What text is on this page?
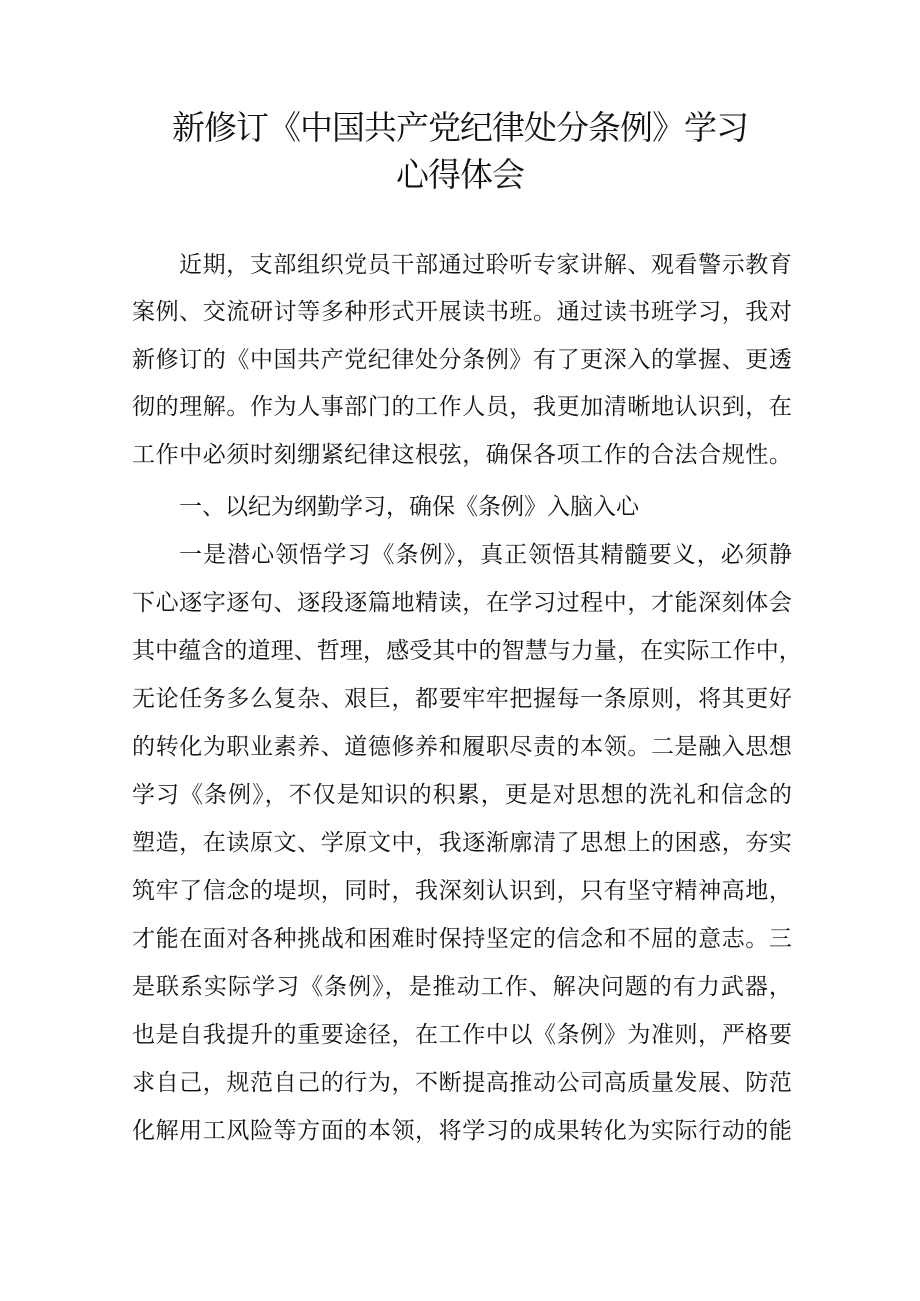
新修订《中国共产党纪律处分条例》学习
心得体会
近期，支部组织党员干部通过聆听专家讲解、观看警示教育
案例、交流研讨等多种形式开展读书班。通过读书班学习，我对
新修订的《中国共产党纪律处分条例》有了更深入的掌握、更透
彻的理解。作为人事部门的工作人员，我更加清晰地认识到，在
工作中必须时刻绷紧纪律这根弦，确保各项工作的合法合规性。
一、以纪为纲勤学习，确保《条例》入脑入心
一是潜心领悟学习《条例》，真正领悟其精髓要义，必须静
下心逐字逐句、逐段逐篇地精读，在学习过程中，才能深刻体会
其中蕴含的道理、哲理，感受其中的智慧与力量，在实际工作中，
无论任务多么复杂、艰巨，都要牢牢把握每一条原则，将其更好
的转化为职业素养、道德修养和履职尽责的本领。二是融入思想
学习《条例》，不仅是知识的积累，更是对思想的洗礼和信念的
塑造，在读原文、学原文中，我逐渐廓清了思想上的困惑，夯实
筑牢了信念的堤坝，同时，我深刻认识到，只有坚守精神高地，
才能在面对各种挑战和困难时保持坚定的信念和不屈的意志。三
是联系实际学习《条例》，是推动工作、解决问题的有力武器，
也是自我提升的重要途径，在工作中以《条例》为准则，严格要
求自己，规范自己的行为，不断提高推动公司高质量发展、防范
化解用工风险等方面的本领，将学习的成果转化为实际行动的能
